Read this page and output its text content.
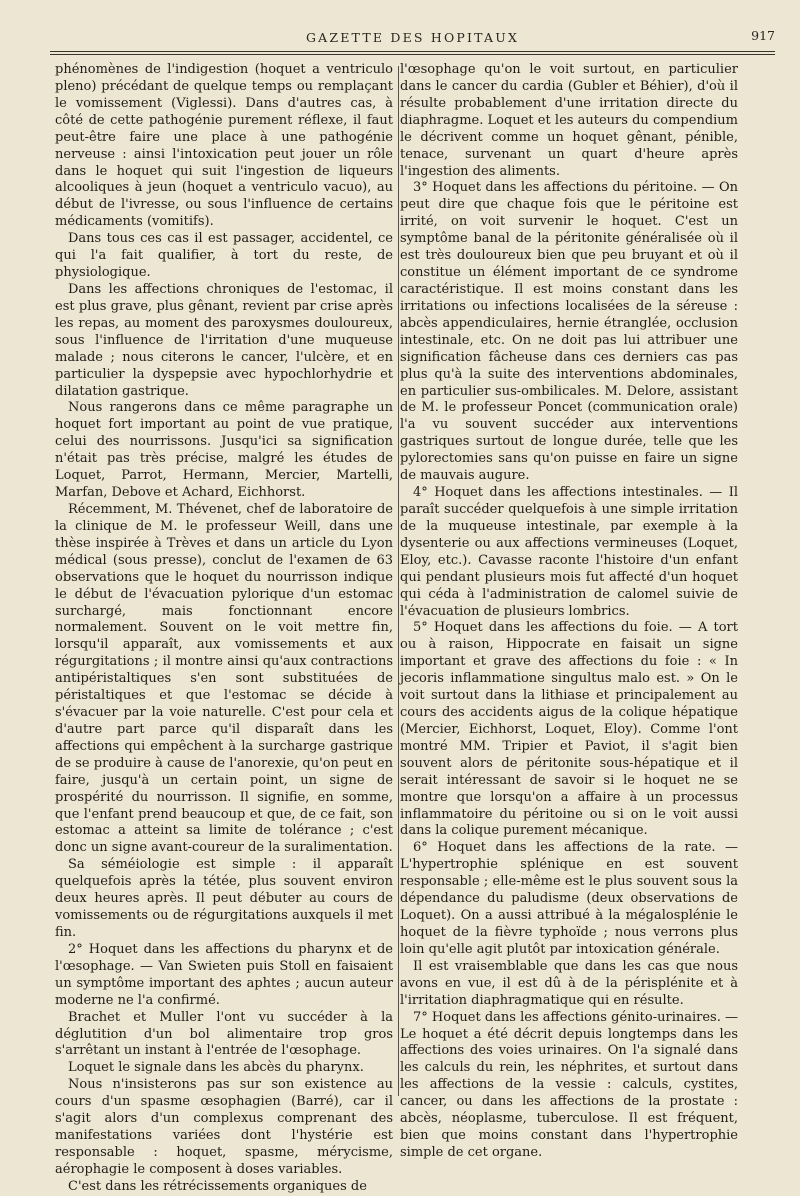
GAZETTE DES HOPITAUX	917

phénomènes de l'indigestion (hoquet a ventriculo pleno) précédant de quelque temps ou remplaçant le vomissement (Viglessi). Dans d'autres cas, à côté de cette pathogénie purement réflexe, il faut peut-être faire une place à une pathogénie nerveuse : ainsi l'intoxication peut jouer un rôle dans le hoquet qui suit l'ingestion de liqueurs alcooliques à jeun (hoquet a ventriculo vacuo), au début de l'ivresse, ou sous l'influence de certains médicaments (vomitifs).

Dans tous ces cas il est passager, accidentel, ce qui l'a fait qualifier, à tort du reste, de physiologique.

Dans les affections chroniques de l'estomac, il est plus grave, plus gênant, revient par crise après les repas, au moment des paroxysmes douloureux, sous l'influence de l'irritation d'une muqueuse malade ; nous citerons le cancer, l'ulcère, et en particulier la dyspepsie avec hypochlorhydrie et dilatation gastrique.

Nous rangerons dans ce même paragraphe un hoquet fort important au point de vue pratique, celui des nourrissons. Jusqu'ici sa signification n'était pas très précise, malgré les études de Loquet, Parrot, Hermann, Mercier, Martelli, Marfan, Debove et Achard, Eichhorst.

Récemment, M. Thévenet, chef de laboratoire de la clinique de M. le professeur Weill, dans une thèse inspirée à Trèves et dans un article du Lyon médical (sous presse), conclut de l'examen de 63 observations que le hoquet du nourrisson indique le début de l'évacuation pylorique d'un estomac surchargé, mais fonctionnant encore normalement. Souvent on le voit mettre fin, lorsqu'il apparaît, aux vomissements et aux régurgitations ; il montre ainsi qu'aux contractions antipéristaltiques s'en sont substituées de péristaltiques et que l'estomac se décide à s'évacuer par la voie naturelle. C'est pour cela et d'autre part parce qu'il disparaît dans les affections qui empêchent à la surcharge gastrique de se produire à cause de l'anorexie, qu'on peut en faire, jusqu'à un certain point, un signe de prospérité du nourrisson. Il signifie, en somme, que l'enfant prend beaucoup et que, de ce fait, son estomac a atteint sa limite de tolérance ; c'est donc un signe avant-coureur de la suralimentation.

Sa séméiologie est simple : il apparaît quelquefois après la tétée, plus souvent environ deux heures après. Il peut débuter au cours de vomissements ou de régurgitations auxquels il met fin.

2° Hoquet dans les affections du pharynx et de l'œsophage. — Van Swieten puis Stoll en faisaient un symptôme important des aphtes ; aucun auteur moderne ne l'a confirmé.

Brachet et Muller l'ont vu succéder à la déglutition d'un bol alimentaire trop gros s'arrêtant un instant à l'entrée de l'œsophage.

Loquet le signale dans les abcès du pharynx.

Nous n'insisterons pas sur son existence au cours d'un spasme œsophagien (Barré), car il s'agit alors d'un complexus comprenant des manifestations variées dont l'hystérie est responsable : hoquet, spasme, mérycisme, aérophagie le composent à doses variables.

C'est dans les rétrécissements organiques de

l'œsophage qu'on le voit surtout, en particulier dans le cancer du cardia (Gubler et Béhier), d'où il résulte probablement d'une irritation directe du diaphragme. Loquet et les auteurs du compendium le décrivent comme un hoquet gênant, pénible, tenace, survenant un quart d'heure après l'ingestion des aliments.

3° Hoquet dans les affections du péritoine. — On peut dire que chaque fois que le péritoine est irrité, on voit survenir le hoquet. C'est un symptôme banal de la péritonite généralisée où il est très douloureux bien que peu bruyant et où il constitue un élément important de ce syndrome caractéristique. Il est moins constant dans les irritations ou infections localisées de la séreuse : abcès appendiculaires, hernie étranglée, occlusion intestinale, etc. On ne doit pas lui attribuer une signification fâcheuse dans ces derniers cas pas plus qu'à la suite des interventions abdominales, en particulier sus-ombilicales. M. Delore, assistant de M. le professeur Poncet (communication orale) l'a vu souvent succéder aux interventions gastriques surtout de longue durée, telle que les pylorectomies sans qu'on puisse en faire un signe de mauvais augure.

4° Hoquet dans les affections intestinales. — Il paraît succéder quelquefois à une simple irritation de la muqueuse intestinale, par exemple à la dysenterie ou aux affections vermineuses (Loquet, Eloy, etc.). Cavasse raconte l'histoire d'un enfant qui pendant plusieurs mois fut affecté d'un hoquet qui céda à l'administration de calomel suivie de l'évacuation de plusieurs lombrics.

5° Hoquet dans les affections du foie. — A tort ou à raison, Hippocrate en faisait un signe important et grave des affections du foie : « In jecoris inflammatione singultus malo est. » On le voit surtout dans la lithiase et principalement au cours des accidents aigus de la colique hépatique (Mercier, Eichhorst, Loquet, Eloy). Comme l'ont montré MM. Tripier et Paviot, il s'agit bien souvent alors de péritonite sous-hépatique et il serait intéressant de savoir si le hoquet ne se montre que lorsqu'on a affaire à un processus inflammatoire du péritoine ou si on le voit aussi dans la colique purement mécanique.

6° Hoquet dans les affections de la rate. — L'hypertrophie splénique en est souvent responsable ; elle-même est le plus souvent sous la dépendance du paludisme (deux observations de Loquet). On a aussi attribué à la mégalosplénie le hoquet de la fièvre typhoïde ; nous verrons plus loin qu'elle agit plutôt par intoxication générale.

Il est vraisemblable que dans les cas que nous avons en vue, il est dû à de la périsplénite et à l'irritation diaphragmatique qui en résulte.

7° Hoquet dans les affections génito-urinaires. — Le hoquet a été décrit depuis longtemps dans les affections des voies urinaires. On l'a signalé dans les calculs du rein, les néphrites, et surtout dans les affections de la vessie : calculs, cystites, cancer, ou dans les affections de la prostate : abcès, néoplasme, tuberculose. Il est fréquent, bien que moins constant dans l'hypertrophie simple de cet organe.
